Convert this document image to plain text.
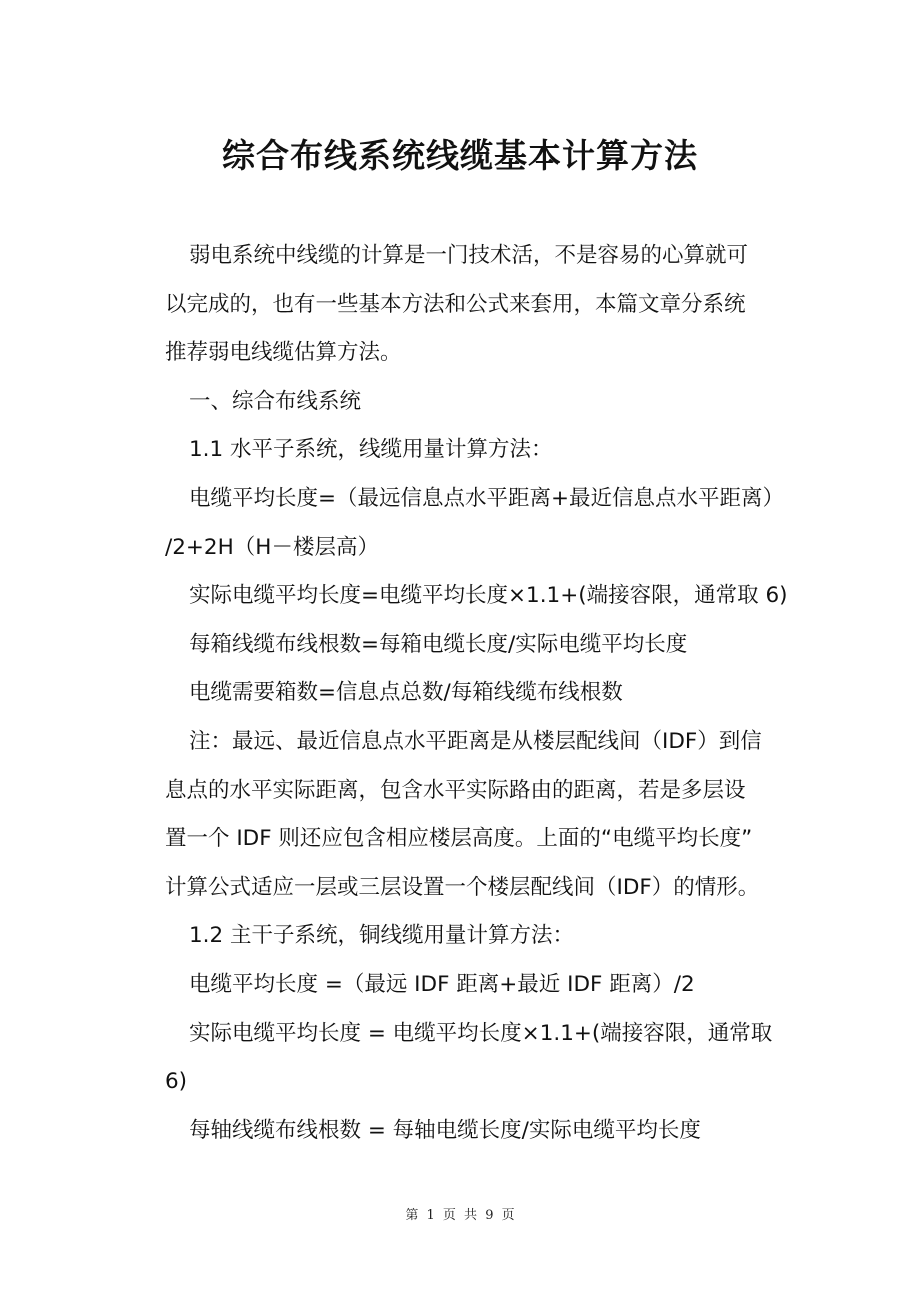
综合布线系统线缆基本计算方法

弱电系统中线缆的计算是一门技术活，不是容易的心算就可

以完成的，也有一些基本方法和公式来套用，本篇文章分系统

推荐弱电线缆估算方法。

一、综合布线系统

1.1 水平子系统，线缆用量计算方法：

电缆平均长度=（最远信息点水平距离+最近信息点水平距离）

/2+2H（H－楼层高）

实际电缆平均长度=电缆平均长度×1.1+(端接容限，通常取 6)

每箱线缆布线根数=每箱电缆长度/实际电缆平均长度

电缆需要箱数=信息点总数/每箱线缆布线根数

注：最远、最近信息点水平距离是从楼层配线间（IDF）到信

息点的水平实际距离，包含水平实际路由的距离，若是多层设

置一个 IDF 则还应包含相应楼层高度。上面的“电缆平均长度”

计算公式适应一层或三层设置一个楼层配线间（IDF）的情形。

1.2 主干子系统，铜线缆用量计算方法：

电缆平均长度 =（最远 IDF 距离+最近 IDF 距离）/2

实际电缆平均长度 = 电缆平均长度×1.1+(端接容限，通常取

6)

每轴线缆布线根数 = 每轴电缆长度/实际电缆平均长度

第 1 页 共 9 页
